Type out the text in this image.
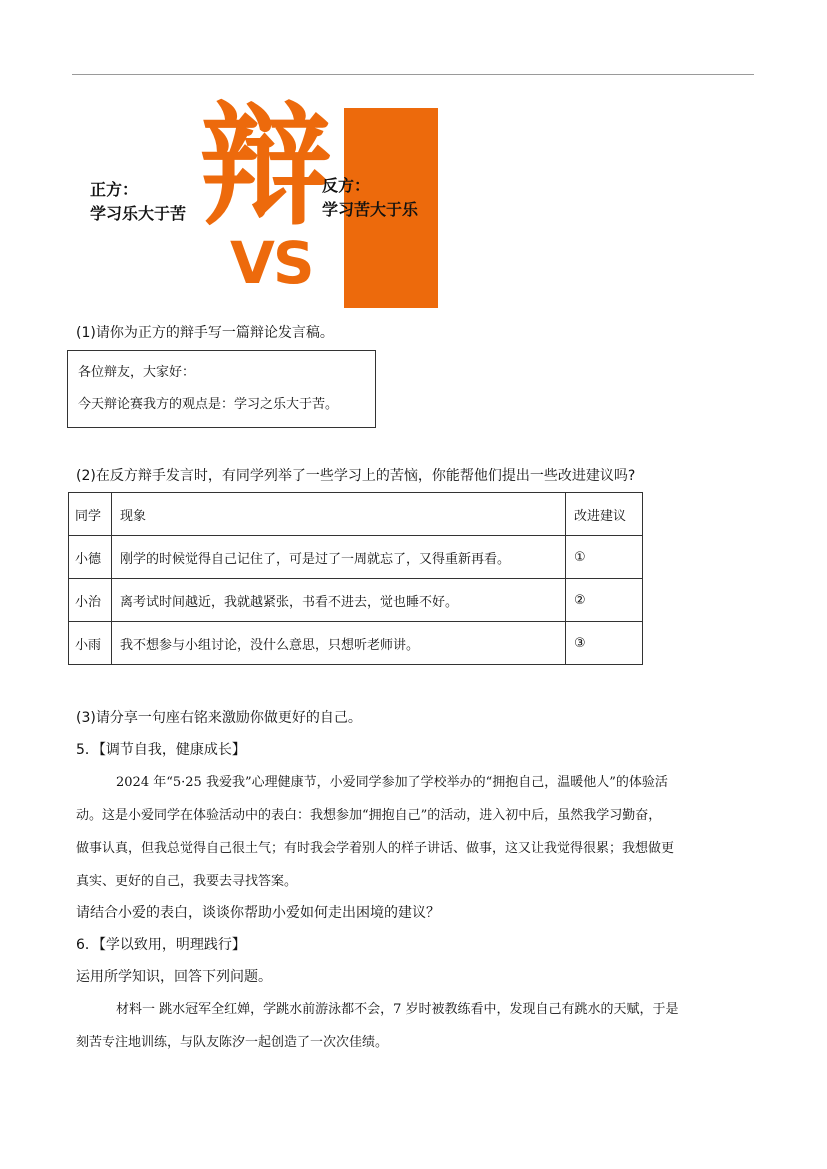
辩
VS
正方：
学习乐大于苦
反方：
学习苦大于乐
(1)请你为正方的辩手写一篇辩论发言稿。
各位辩友，大家好：
今天辩论赛我方的观点是：学习之乐大于苦。
(2)在反方辩手发言时，有同学列举了一些学习上的苦恼，你能帮他们提出一些改进建议吗?
同学	现象	改进建议
小德	刚学的时候觉得自己记住了，可是过了一周就忘了，又得重新再看。	①
小治	离考试时间越近，我就越紧张，书看不进去，觉也睡不好。	②
小雨	我不想参与小组讨论，没什么意思，只想听老师讲。	③
(3)请分享一句座右铭来激励你做更好的自己。
5．【调节自我，健康成长】
2024 年“5·25 我爱我”心理健康节，小爱同学参加了学校举办的“拥抱自己，温暖他人”的体验活
动。这是小爱同学在体验活动中的表白：我想参加“拥抱自己”的活动，进入初中后，虽然我学习勤奋，
做事认真，但我总觉得自己很土气；有时我会学着别人的样子讲话、做事，这又让我觉得很累；我想做更
真实、更好的自己，我要去寻找答案。
请结合小爱的表白，谈谈你帮助小爱如何走出困境的建议？
6．【学以致用，明理践行】
运用所学知识，回答下列问题。
材料一 跳水冠军全红婵，学跳水前游泳都不会，7 岁时被教练看中，发现自己有跳水的天赋，于是
刻苦专注地训练，与队友陈汐一起创造了一次次佳绩。
